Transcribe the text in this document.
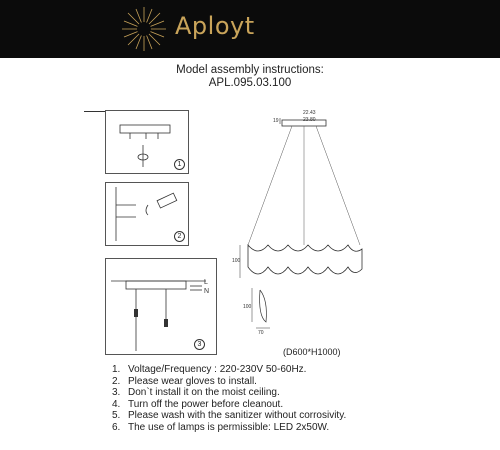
Aployt
Model assembly instructions:
APL.095.03.100
1
2
L
N
3
22.43
23.80
19
100
100
70
(D600*H1000)
1. Voltage/Frequency : 220-230V 50-60Hz.
2. Please wear gloves to install.
3. Don`t install it on the moist ceiling.
4. Turn off the power before cleanout.
5. Please wash with the sanitizer without corrosivity.
6. The use of lamps is permissible: LED 2x50W.
